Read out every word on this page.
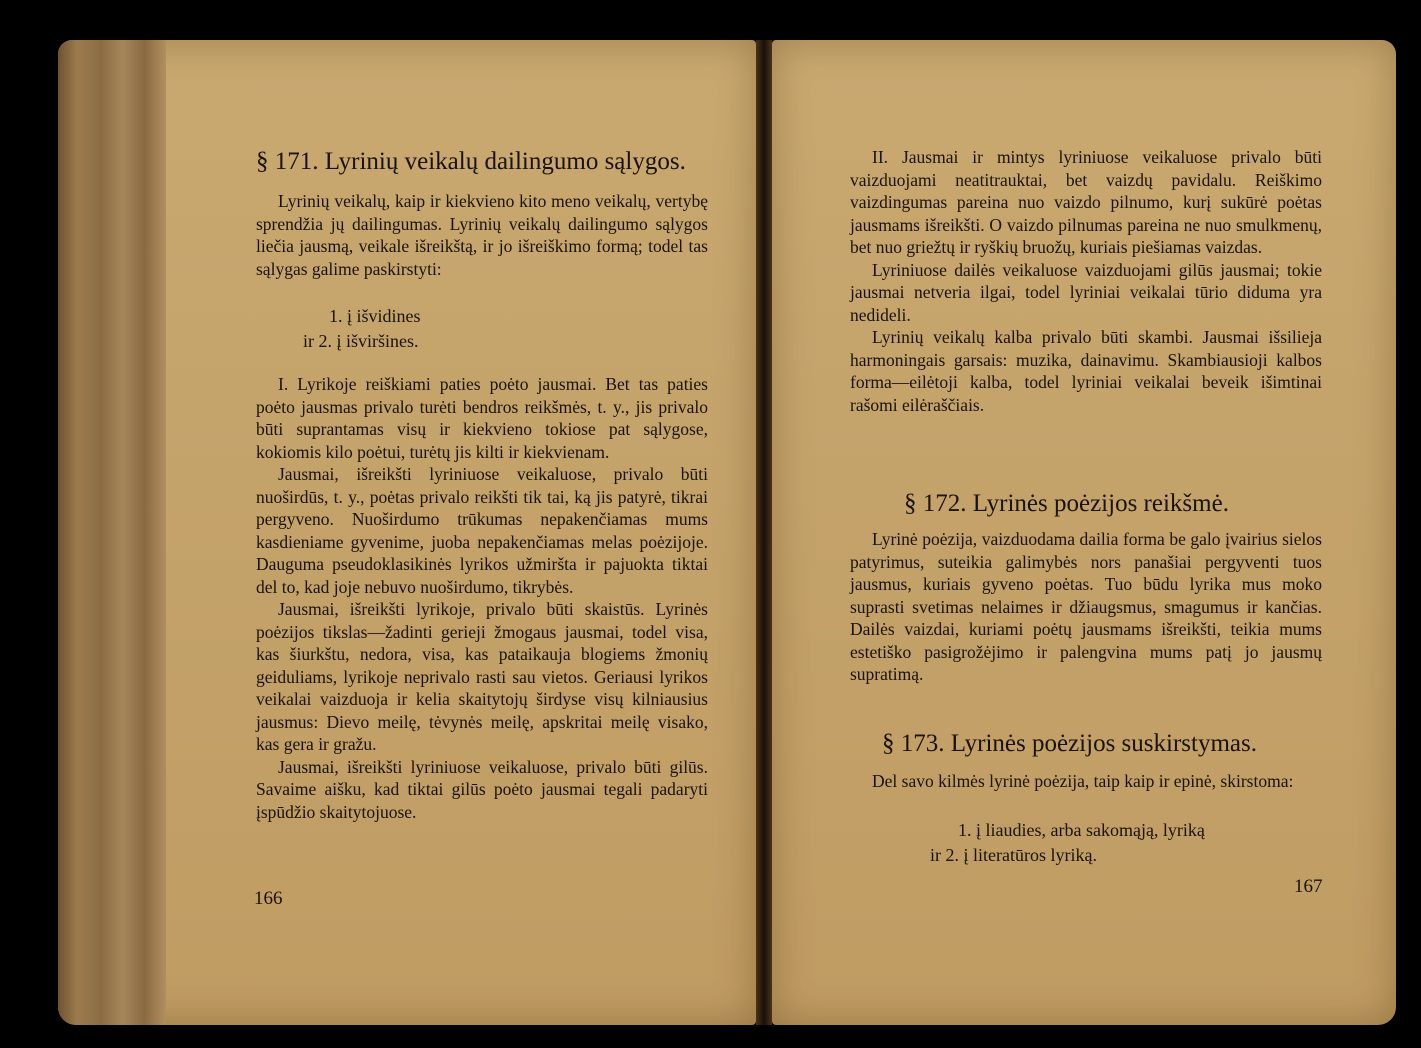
§ 171. Lyrinių veikalų dailingumo sąlygos.

Lyrinių veikalų, kaip ir kiekvieno kito meno veikalų, vertybę sprendžia jų dailingumas. Lyrinių veikalų dailingumo sąlygos liečia jausmą, veikale išreikštą, ir jo išreiškimo formą; todel tas sąlygas galime paskirstyti:

1. į išvidines
ir 2. į išviršines.

I. Lyrikoje reiškiami paties poėto jausmai. Bet tas paties poėto jausmas privalo turėti bendros reikšmės, t. y., jis privalo būti suprantamas visų ir kiekvieno tokiose pat sąlygose, kokiomis kilo poėtui, turėtų jis kilti ir kiekvienam.

Jausmai, išreikšti lyriniuose veikaluose, privalo būti nuoširdūs, t. y., poėtas privalo reikšti tik tai, ką jis patyrė, tikrai pergyveno. Nuoširdumo trūkumas nepakenčiamas mums kasdieniame gyvenime, juoba nepakenčiamas melas poėzijoje. Dauguma pseudoklasikinės lyrikos užmiršta ir pajuokta tiktai del to, kad joje nebuvo nuoširdumo, tikrybės.

Jausmai, išreikšti lyrikoje, privalo būti skaistūs. Lyrinės poėzijos tikslas—žadinti gerieji žmogaus jausmai, todel visa, kas šiurkštu, nedora, visa, kas pataikauja blogiems žmonių geiduliams, lyrikoje neprivalo rasti sau vietos. Geriausi lyrikos veikalai vaizduoja ir kelia skaitytojų širdyse visų kilniausius jausmus: Dievo meilę, tėvynės meilę, apskritai meilę visako, kas gera ir gražu.

Jausmai, išreikšti lyriniuose veikaluose, privalo būti gilūs. Savaime aišku, kad tiktai gilūs poėto jausmai tegali padaryti įspūdžio skaitytojuose.

166

II. Jausmai ir mintys lyriniuose veikaluose privalo būti vaizduojami neatitrauktai, bet vaizdų pavidalu. Reiškimo vaizdingumas pareina nuo vaizdo pilnumo, kurį sukūrė poėtas jausmams išreikšti. O vaizdo pilnumas pareina ne nuo smulkmenų, bet nuo griežtų ir ryškių bruožų, kuriais piešiamas vaizdas.

Lyriniuose dailės veikaluose vaizduojami gilūs jausmai; tokie jausmai netveria ilgai, todel lyriniai veikalai tūrio diduma yra nedideli.

Lyrinių veikalų kalba privalo būti skambi. Jausmai išsilieja harmoningais garsais: muzika, dainavimu. Skambiausioji kalbos forma—eilėtoji kalba, todel lyriniai veikalai beveik išimtinai rašomi eilėraščiais.

§ 172. Lyrinės poėzijos reikšmė.

Lyrinė poėzija, vaizduodama dailia forma be galo įvairius sielos patyrimus, suteikia galimybės nors panašiai pergyventi tuos jausmus, kuriais gyveno poėtas. Tuo būdu lyrika mus moko suprasti svetimas nelaimes ir džiaugsmus, smagumus ir kančias. Dailės vaizdai, kuriami poėtų jausmams išreikšti, teikia mums estetiško pasigrožėjimo ir palengvina mums patį jo jausmų supratimą.

§ 173. Lyrinės poėzijos suskirstymas.

Del savo kilmės lyrinė poėzija, taip kaip ir epinė, skirstoma:

1. į liaudies, arba sakomąją, lyriką
ir 2. į literatūros lyriką.
167
